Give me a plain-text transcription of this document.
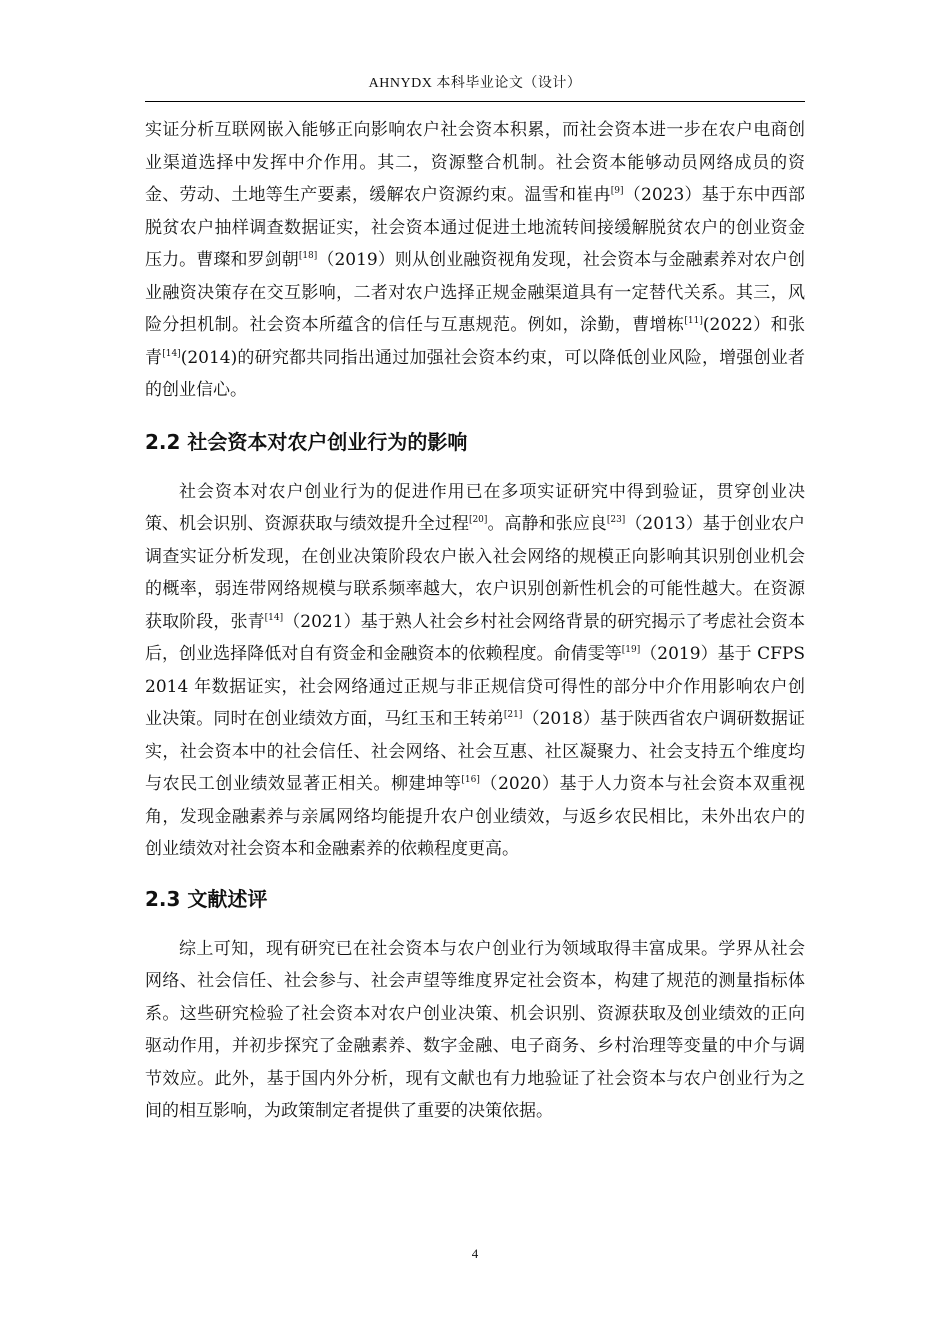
AHNYDX 本科毕业论文（设计）

实证分析互联网嵌入能够正向影响农户社会资本积累，而社会资本进一步在农户电商创业渠道选择中发挥中介作用。其二，资源整合机制。社会资本能够动员网络成员的资金、劳动、土地等生产要素，缓解农户资源约束。温雪和崔冉[9]（2023）基于东中西部脱贫农户抽样调查数据证实，社会资本通过促进土地流转间接缓解脱贫农户的创业资金压力。曹璨和罗剑朝[18]（2019）则从创业融资视角发现，社会资本与金融素养对农户创业融资决策存在交互影响，二者对农户选择正规金融渠道具有一定替代关系。其三，风险分担机制。社会资本所蕴含的信任与互惠规范。例如，涂勤，曹增栋[11](2022）和张青[14](2014)的研究都共同指出通过加强社会资本约束，可以降低创业风险，增强创业者的创业信心。

2.2 社会资本对农户创业行为的影响

社会资本对农户创业行为的促进作用已在多项实证研究中得到验证，贯穿创业决策、机会识别、资源获取与绩效提升全过程[20]。高静和张应良[23]（2013）基于创业农户调查实证分析发现，在创业决策阶段农户嵌入社会网络的规模正向影响其识别创业机会的概率，弱连带网络规模与联系频率越大，农户识别创新性机会的可能性越大。在资源获取阶段，张青[14]（2021）基于熟人社会乡村社会网络背景的研究揭示了考虑社会资本后，创业选择降低对自有资金和金融资本的依赖程度。俞倩雯等[19]（2019）基于 CFPS 2014 年数据证实，社会网络通过正规与非正规信贷可得性的部分中介作用影响农户创业决策。同时在创业绩效方面，马红玉和王转弟[21]（2018）基于陕西省农户调研数据证实，社会资本中的社会信任、社会网络、社会互惠、社区凝聚力、社会支持五个维度均与农民工创业绩效显著正相关。柳建坤等[16]（2020）基于人力资本与社会资本双重视角，发现金融素养与亲属网络均能提升农户创业绩效，与返乡农民相比，未外出农户的创业绩效对社会资本和金融素养的依赖程度更高。

2.3 文献述评

综上可知，现有研究已在社会资本与农户创业行为领域取得丰富成果。学界从社会网络、社会信任、社会参与、社会声望等维度界定社会资本，构建了规范的测量指标体系。这些研究检验了社会资本对农户创业决策、机会识别、资源获取及创业绩效的正向驱动作用，并初步探究了金融素养、数字金融、电子商务、乡村治理等变量的中介与调节效应。此外，基于国内外分析，现有文献也有力地验证了社会资本与农户创业行为之间的相互影响，为政策制定者提供了重要的决策依据。

4
